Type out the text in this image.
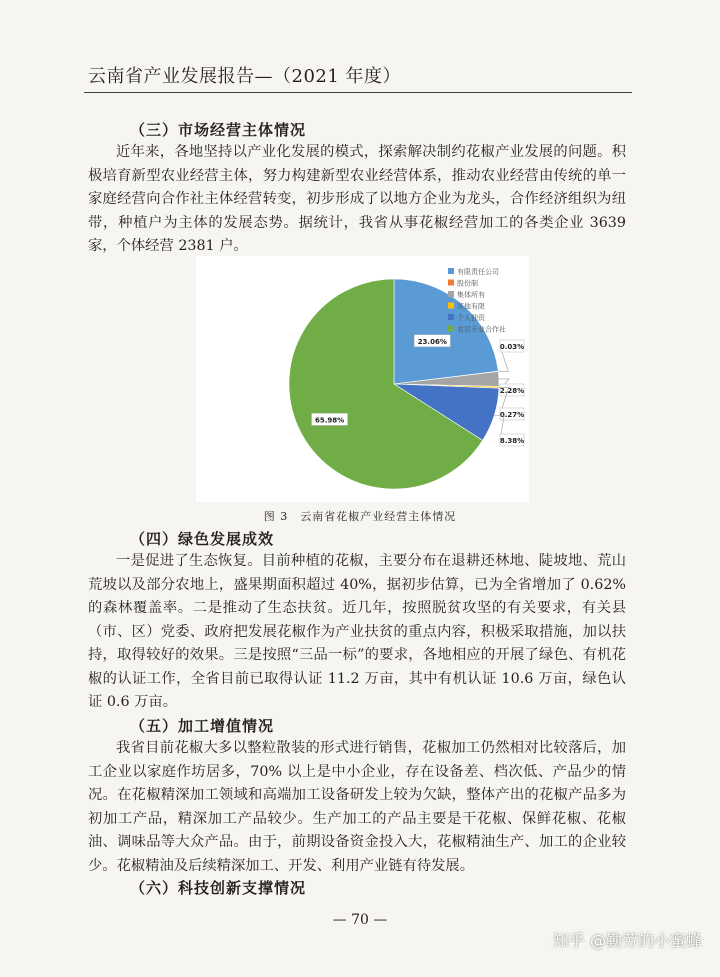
云南省产业发展报告—（2021 年度）
（三）市场经营主体情况

近年来，各地坚持以产业化发展的模式，探索解决制约花椒产业发展的问题。积极培育新型农业经营主体，努力构建新型农业经营体系，推动农业经营由传统的单一家庭经营向合作社主体经营转变，初步形成了以地方企业为龙头，合作经济组织为纽带，种植户为主体的发展态势。据统计，我省从事花椒经营加工的各类企业 3639 家，个体经营 2381 户。

23.06%
65.98%
0.03%
2.28%
0.27%
8.38%
有限责任公司
股份制
集体所有
其他有限
个人独资
农民专业合作社
图 3　云南省花椒产业经营主体情况
（四）绿色发展成效

一是促进了生态恢复。目前种植的花椒，主要分布在退耕还林地、陡坡地、荒山荒坡以及部分农地上，盛果期面积超过 40%，据初步估算，已为全省增加了 0.62% 的森林覆盖率。二是推动了生态扶贫。近几年，按照脱贫攻坚的有关要求，有关县（市、区）党委、政府把发展花椒作为产业扶贫的重点内容，积极采取措施，加以扶持，取得较好的效果。三是按照“三品一标”的要求，各地相应的开展了绿色、有机花椒的认证工作，全省目前已取得认证 11.2 万亩，其中有机认证 10.6 万亩，绿色认证 0.6 万亩。

（五）加工增值情况

我省目前花椒大多以整粒散装的形式进行销售，花椒加工仍然相对比较落后，加工企业以家庭作坊居多，70% 以上是中小企业，存在设备差、档次低、产品少的情况。在花椒精深加工领域和高端加工设备研发上较为欠缺，整体产出的花椒产品多为初加工产品，精深加工产品较少。生产加工的产品主要是干花椒、保鲜花椒、花椒油、调味品等大众产品。由于，前期设备资金投入大，花椒精油生产、加工的企业较少。花椒精油及后续精深加工、开发、利用产业链有待发展。

（六）科技创新支撑情况
— 70 —
知乎 @勤劳的小蜜蜂
